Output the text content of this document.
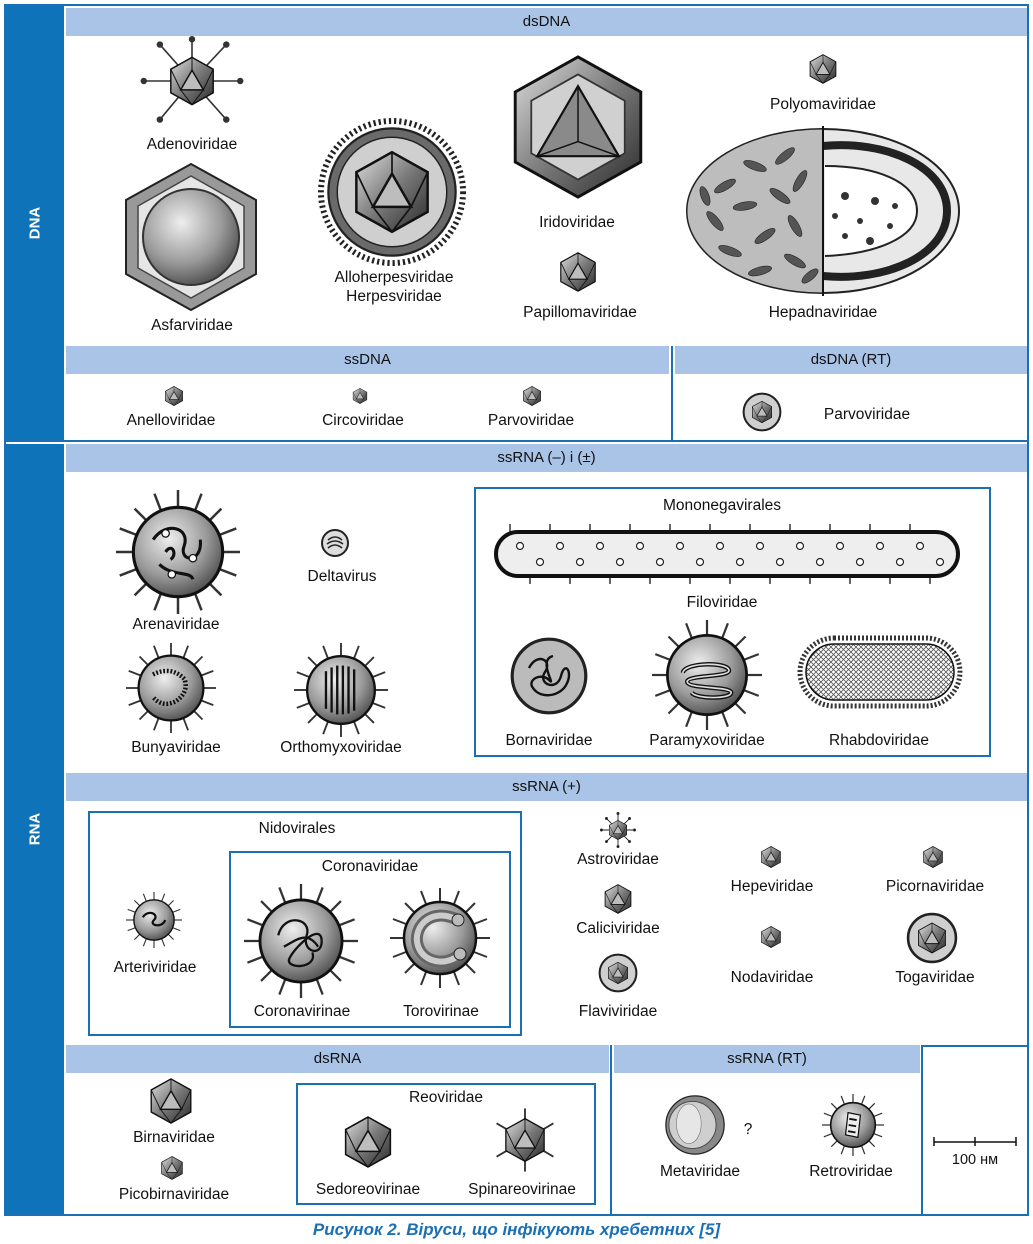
DNA
RNA
dsDNA
ssDNA	dsDNA (RT)
ssRNA (–) і (±)
ssRNA (+)
dsRNA	ssRNA (RT)
Adenoviridae
Asfarviridae
Alloherpesviridae
Herpesviridae
Iridoviridae
Papillomaviridae
Polyomaviridae
Hepadnaviridae
Anelloviridae	Circoviridae	Parvoviridae	Parvoviridae
Arenaviridae
Deltavirus
Bunyaviridae	Orthomyxoviridae
Mononegavirales
Filoviridae
Bornaviridae	Paramyxoviridae	Rhabdoviridae
Nidovirales
Coronaviridae
Arteriviridae
Coronavirinae	Torovirinae
Astroviridae
Caliciviridae
Flaviviridae
Hepeviridae
Nodaviridae
Picornaviridae
Togaviridae
Birnaviridae
Picobirnaviridae
Reoviridae
Sedoreovirinae	Spinareovirinae
?
Metaviridae	Retroviridae
100 нм
Рисунок 2. Віруси, що інфікують хребетних [5]
